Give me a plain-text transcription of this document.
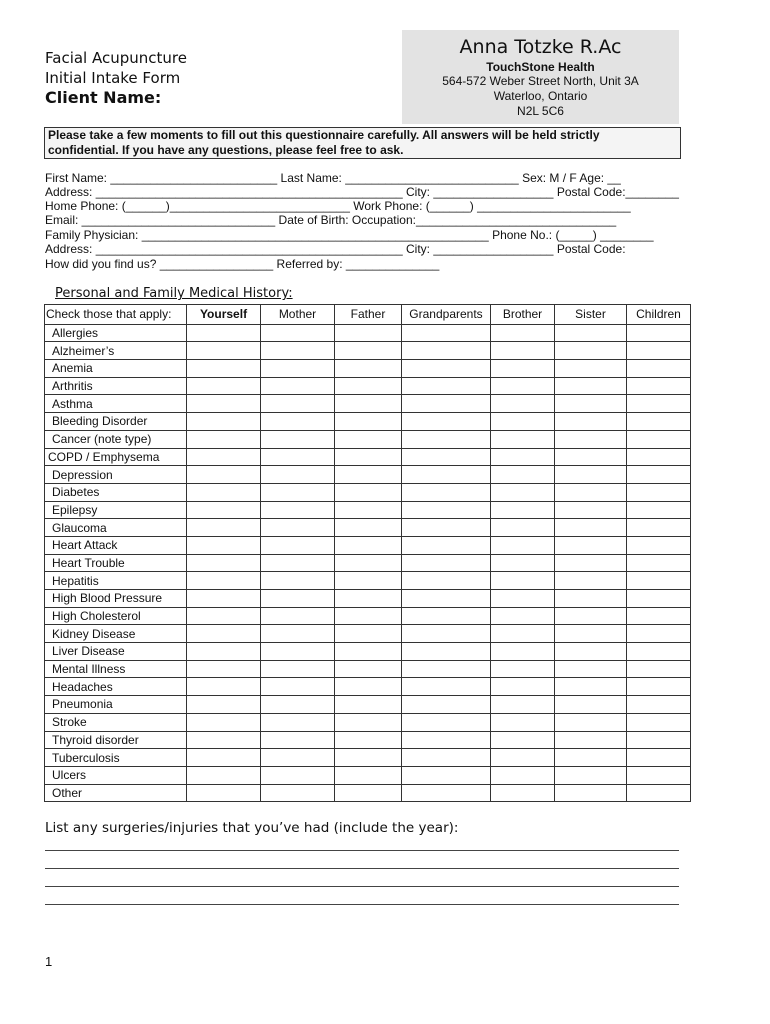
Facial Acupuncture
Initial Intake Form
Client Name:
Anna Totzke R.Ac
TouchStone Health
564-572 Weber Street North, Unit 3A
Waterloo, Ontario
N2L 5C6
Please take a few moments to fill out this questionnaire carefully. All answers will be held strictly
confidential. If you have any questions, please feel free to ask.
First Name: _________________________ Last Name: __________________________ Sex: M / F Age: __
Address: ______________________________________________ City: __________________ Postal Code:________
Home Phone: (______)___________________________ Work Phone: (______) _______________________
Email: _____________________________ Date of Birth: Occupation:______________________________
Family Physician: ____________________________________________________ Phone No.: (_____) ________
Address: ______________________________________________ City: __________________ Postal Code:
How did you find us? _________________ Referred by: ______________
Personal and Family Medical History:
Check those that apply:	Yourself	Mother	Father	Grandparents	Brother	Sister	Children
Allergies							
Alzheimer’s							
Anemia							
Arthritis							
Asthma							
Bleeding Disorder							
Cancer (note type)							
COPD / Emphysema							
Depression							
Diabetes							
Epilepsy							
Glaucoma							
Heart Attack							
Heart Trouble							
Hepatitis							
High Blood Pressure							
High Cholesterol							
Kidney Disease							
Liver Disease							
Mental Illness							
Headaches							
Pneumonia							
Stroke							
Thyroid disorder							
Tuberculosis							
Ulcers							
Other							
List any surgeries/injuries that you’ve had (include the year):
1
